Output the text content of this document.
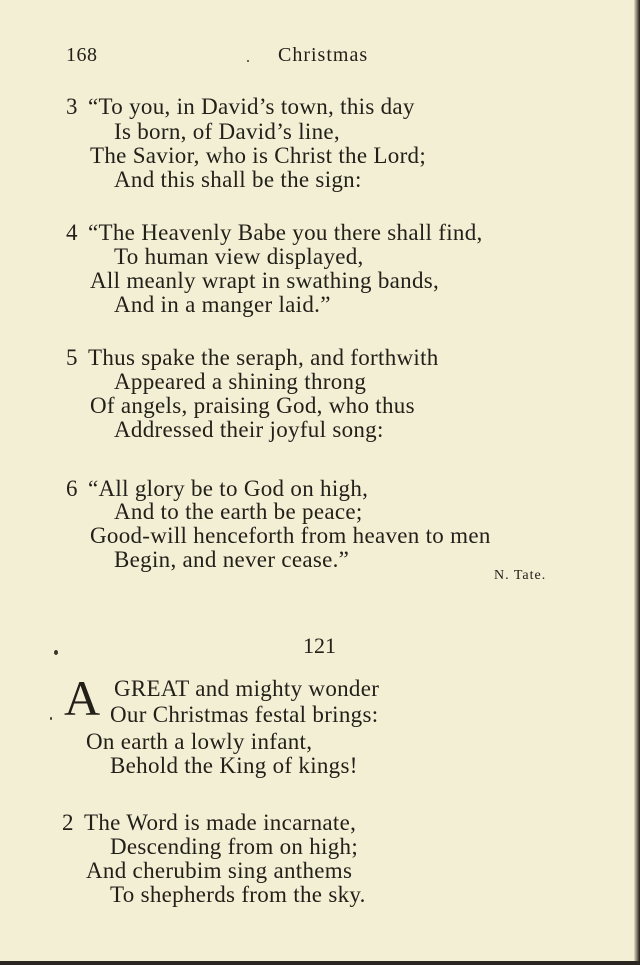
168	Christmas
3 “To you, in David’s town, this day
Is born, of David’s line,
The Savior, who is Christ the Lord;
And this shall be the sign:
4 “The Heavenly Babe you there shall find,
To human view displayed,
All meanly wrapt in swathing bands,
And in a manger laid.”
5 Thus spake the seraph, and forthwith
Appeared a shining throng
Of angels, praising God, who thus
Addressed their joyful song:
6 “All glory be to God on high,
And to the earth be peace;
Good-will henceforth from heaven to men
Begin, and never cease.”
N. Tate.
121
A GREAT and mighty wonder
Our Christmas festal brings:
On earth a lowly infant,
Behold the King of kings!
2 The Word is made incarnate,
Descending from on high;
And cherubim sing anthems
To shepherds from the sky.
